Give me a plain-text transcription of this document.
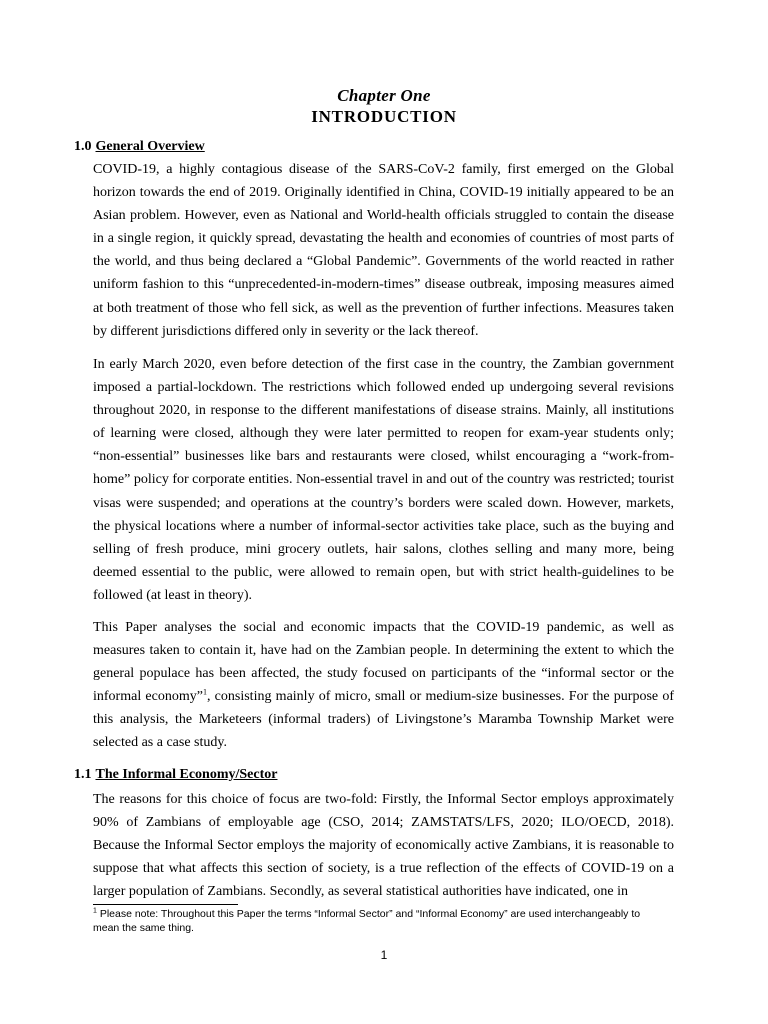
Chapter One
INTRODUCTION
1.0 General Overview

COVID-19, a highly contagious disease of the SARS-CoV-2 family, first emerged on the Global horizon towards the end of 2019. Originally identified in China, COVID-19 initially appeared to be an Asian problem. However, even as National and World-health officials struggled to contain the disease in a single region, it quickly spread, devastating the health and economies of countries of most parts of the world, and thus being declared a “Global Pandemic”. Governments of the world reacted in rather uniform fashion to this “unprecedented-in-modern-times” disease outbreak, imposing measures aimed at both treatment of those who fell sick, as well as the prevention of further infections. Measures taken by different jurisdictions differed only in severity or the lack thereof.

In early March 2020, even before detection of the first case in the country, the Zambian government imposed a partial-lockdown. The restrictions which followed ended up undergoing several revisions throughout 2020, in response to the different manifestations of disease strains. Mainly, all institutions of learning were closed, although they were later permitted to reopen for exam-year students only; “non-essential” businesses like bars and restaurants were closed, whilst encouraging a “work-from-home” policy for corporate entities. Non-essential travel in and out of the country was restricted; tourist visas were suspended; and operations at the country’s borders were scaled down. However, markets, the physical locations where a number of informal-sector activities take place, such as the buying and selling of fresh produce, mini grocery outlets, hair salons, clothes selling and many more, being deemed essential to the public, were allowed to remain open, but with strict health-guidelines to be followed (at least in theory).

This Paper analyses the social and economic impacts that the COVID-19 pandemic, as well as measures taken to contain it, have had on the Zambian people. In determining the extent to which the general populace has been affected, the study focused on participants of the “informal sector or the informal economy”$^1$, consisting mainly of micro, small or medium-size businesses. For the purpose of this analysis, the Marketeers (informal traders) of Livingstone’s Maramba Township Market were selected as a case study.

1.1 The Informal Economy/Sector

The reasons for this choice of focus are two-fold: Firstly, the Informal Sector employs approximately 90% of Zambians of employable age (CSO, 2014; ZAMSTATS/LFS, 2020; ILO/OECD, 2018). Because the Informal Sector employs the majority of economically active Zambians, it is reasonable to suppose that what affects this section of society, is a true reflection of the effects of COVID-19 on a larger population of Zambians. Secondly, as several statistical authorities have indicated, one in

$^1$ Please note: Throughout this Paper the terms “Informal Sector” and “Informal Economy” are used interchangeably to mean the same thing.
1
